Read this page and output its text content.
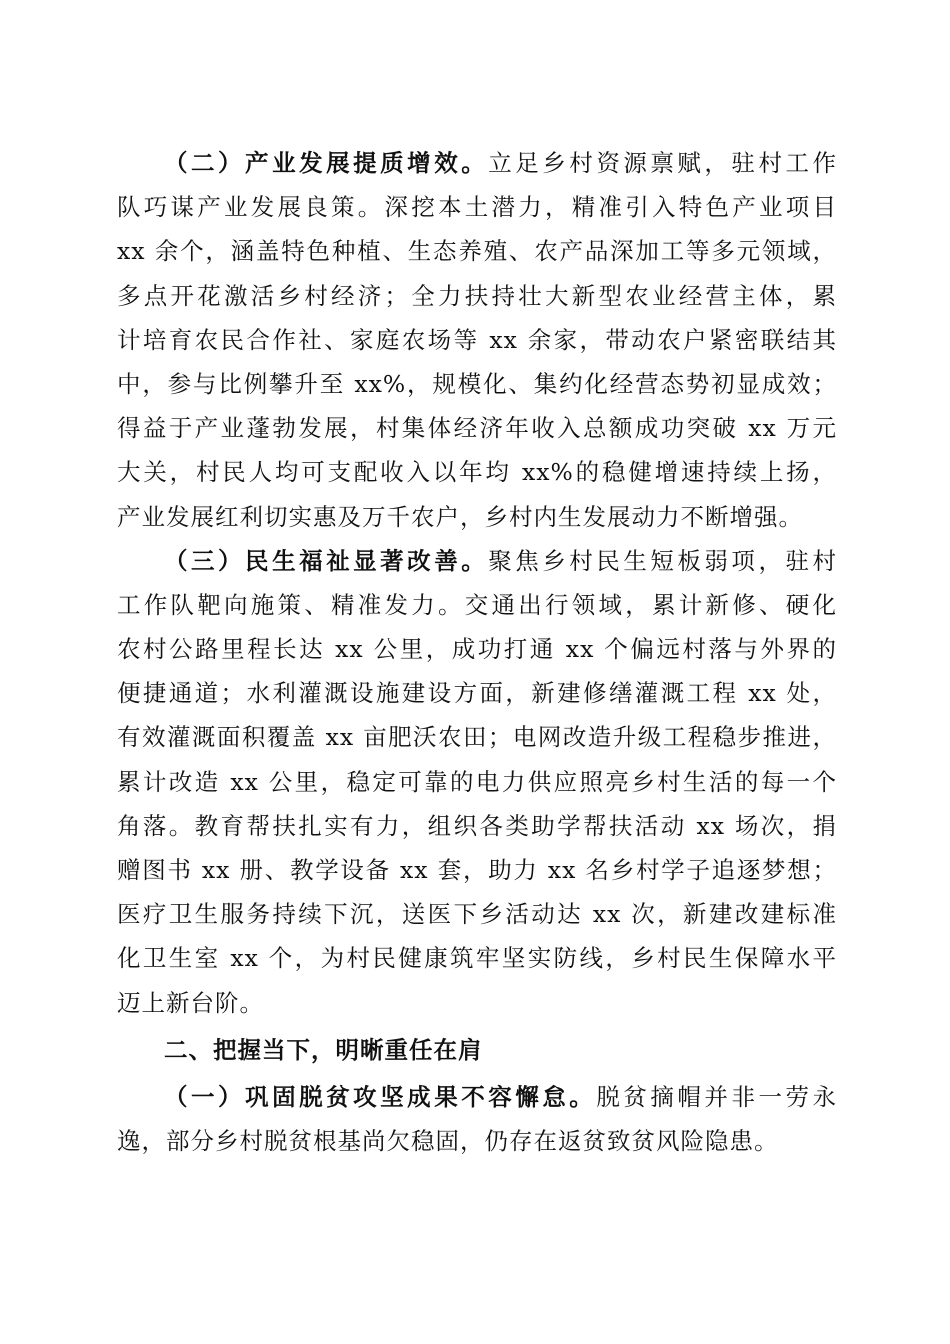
（二）产业发展提质增效。立足乡村资源禀赋，驻村工作
队巧谋产业发展良策。深挖本土潜力，精准引入特色产业项目
xx 余个，涵盖特色种植、生态养殖、农产品深加工等多元领域，
多点开花激活乡村经济；全力扶持壮大新型农业经营主体，累
计培育农民合作社、家庭农场等 xx 余家，带动农户紧密联结其
中，参与比例攀升至 xx%，规模化、集约化经营态势初显成效；
得益于产业蓬勃发展，村集体经济年收入总额成功突破 xx 万元
大关，村民人均可支配收入以年均 xx%的稳健增速持续上扬，
产业发展红利切实惠及万千农户，乡村内生发展动力不断增强。
（三）民生福祉显著改善。聚焦乡村民生短板弱项，驻村
工作队靶向施策、精准发力。交通出行领域，累计新修、硬化
农村公路里程长达 xx 公里，成功打通 xx 个偏远村落与外界的
便捷通道；水利灌溉设施建设方面，新建修缮灌溉工程 xx 处，
有效灌溉面积覆盖 xx 亩肥沃农田；电网改造升级工程稳步推进，
累计改造 xx 公里，稳定可靠的电力供应照亮乡村生活的每一个
角落。教育帮扶扎实有力，组织各类助学帮扶活动 xx 场次，捐
赠图书 xx 册、教学设备 xx 套，助力 xx 名乡村学子追逐梦想；
医疗卫生服务持续下沉，送医下乡活动达 xx 次，新建改建标准
化卫生室 xx 个，为村民健康筑牢坚实防线，乡村民生保障水平
迈上新台阶。
二、把握当下，明晰重任在肩
（一）巩固脱贫攻坚成果不容懈怠。脱贫摘帽并非一劳永
逸，部分乡村脱贫根基尚欠稳固，仍存在返贫致贫风险隐患。
